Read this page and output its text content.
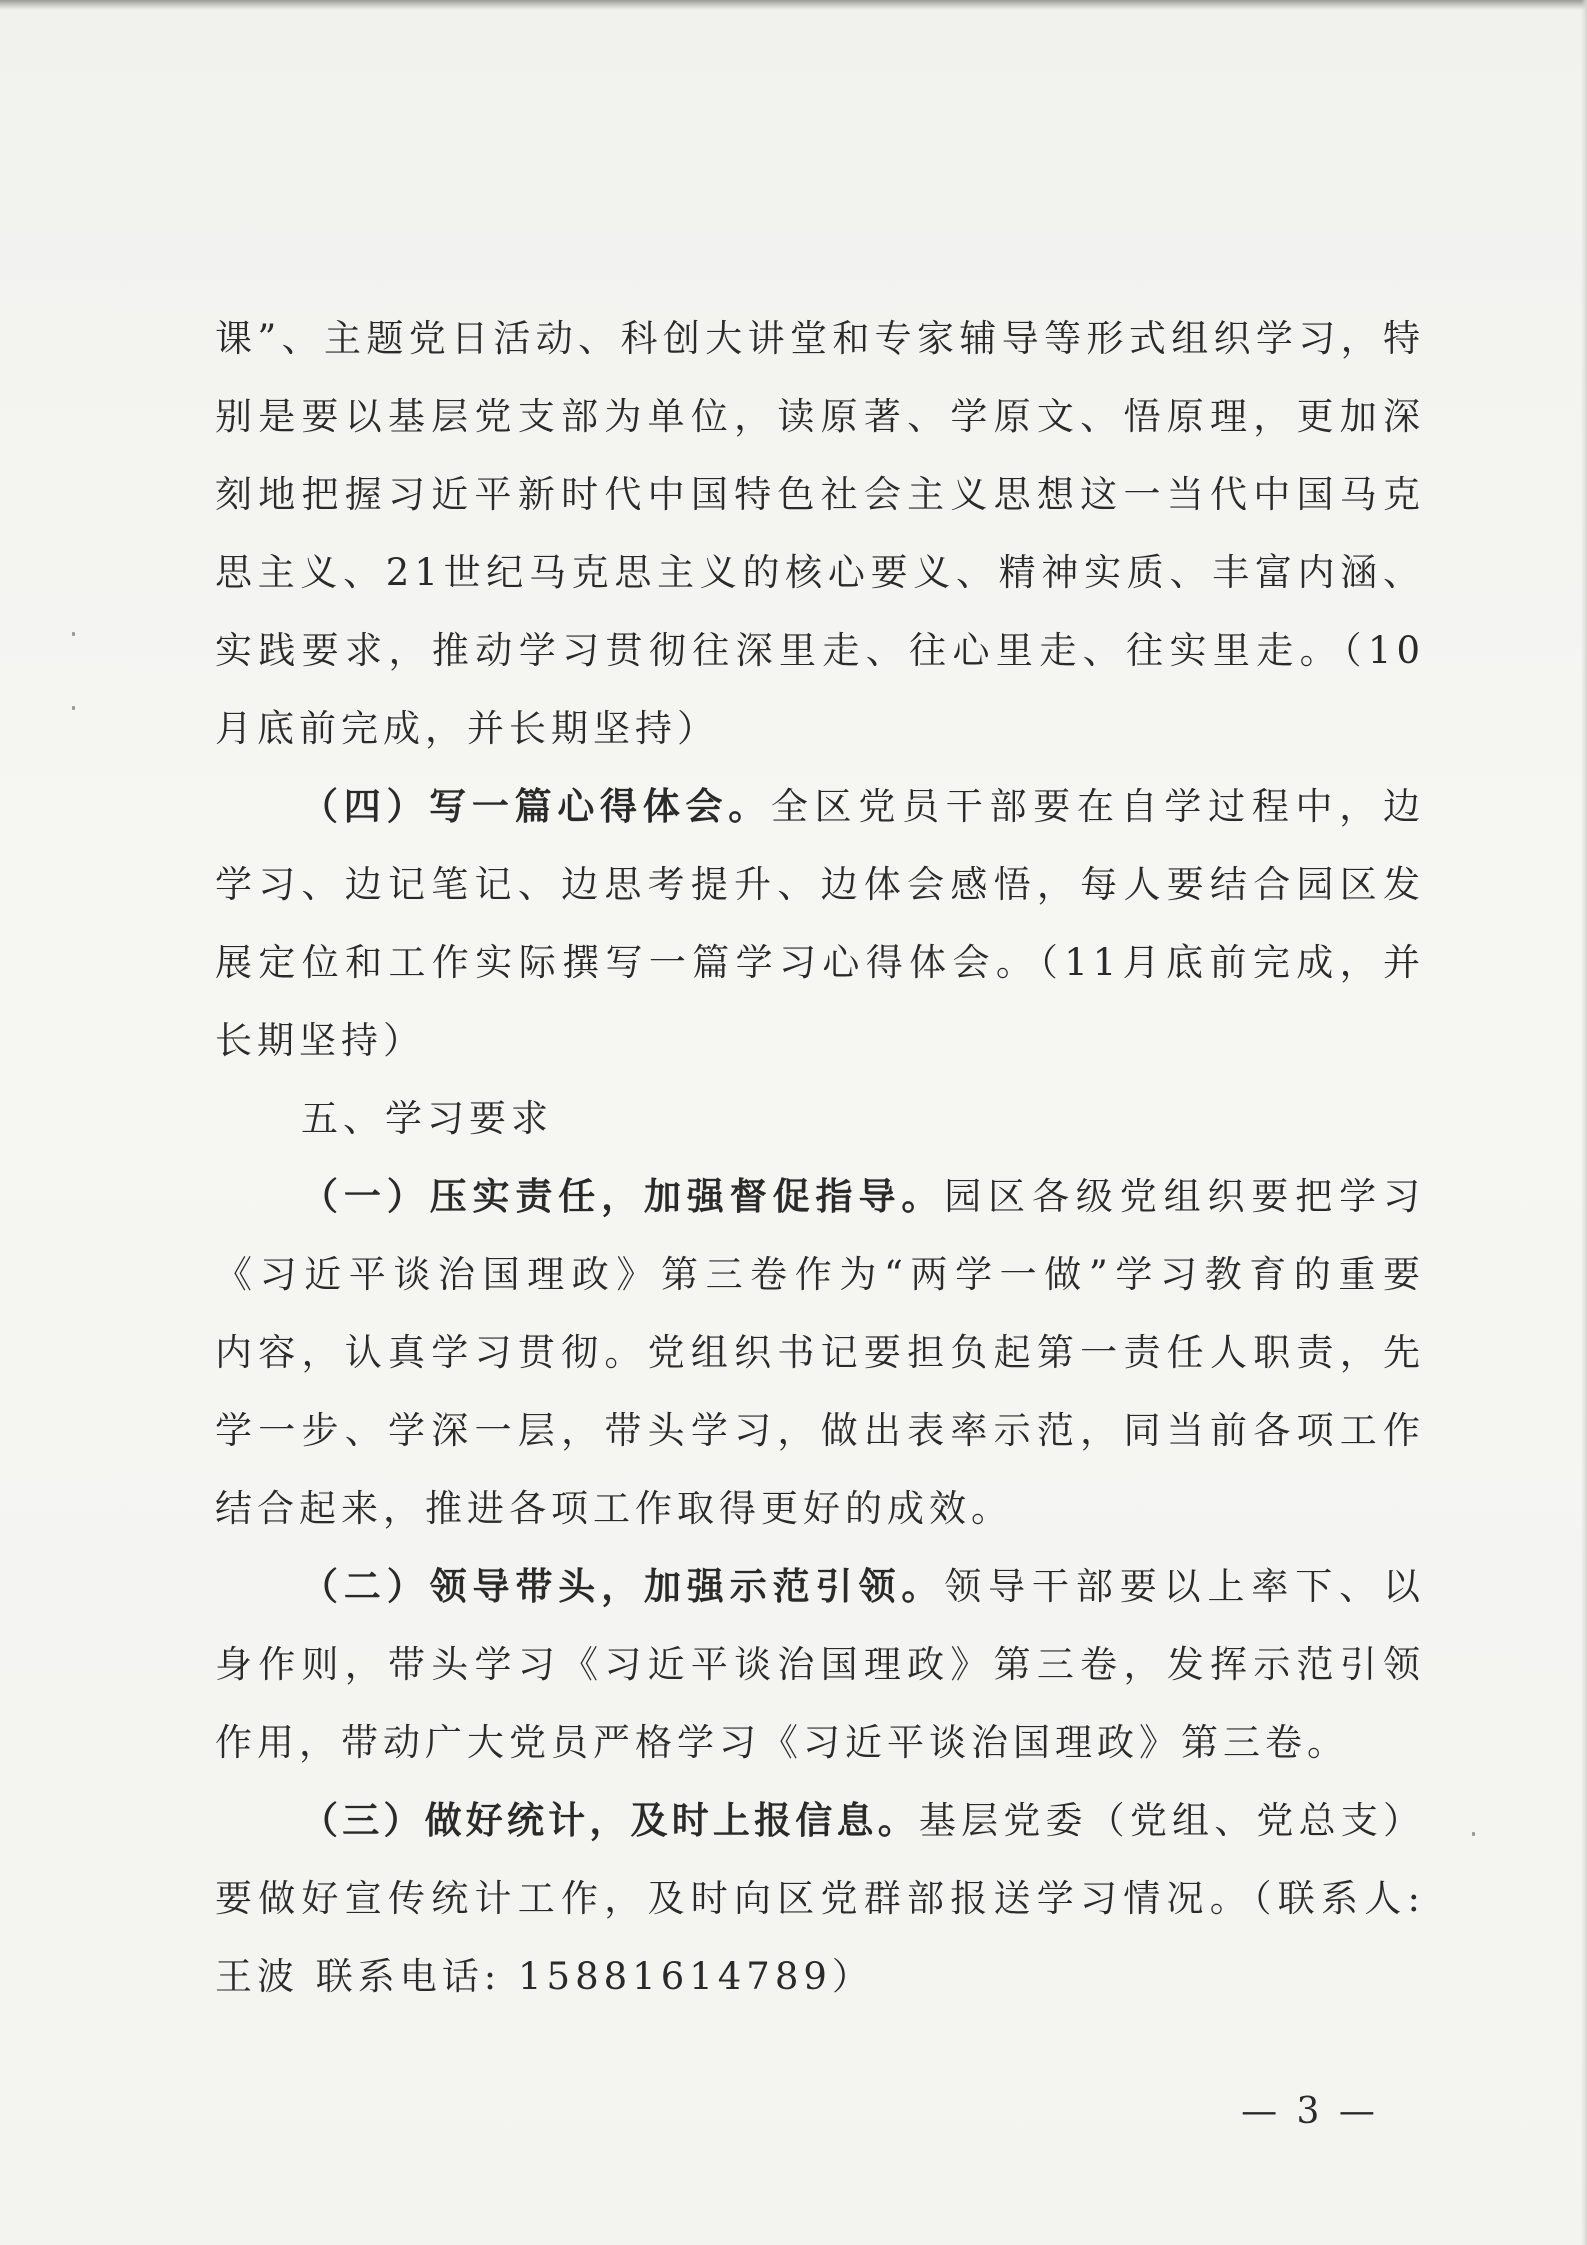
课”、主题党日活动、科创大讲堂和专家辅导等形式组织学习，特
别是要以基层党支部为单位，读原著、学原文、悟原理，更加深
刻地把握习近平新时代中国特色社会主义思想这一当代中国马克
思主义、21世纪马克思主义的核心要义、精神实质、丰富内涵、
实践要求，推动学习贯彻往深里走、往心里走、往实里走。（10
月底前完成，并长期坚持）
（四）写一篇心得体会。全区党员干部要在自学过程中，边
学习、边记笔记、边思考提升、边体会感悟，每人要结合园区发
展定位和工作实际撰写一篇学习心得体会。（11月底前完成，并
长期坚持）
五、学习要求
（一）压实责任，加强督促指导。园区各级党组织要把学习
《习近平谈治国理政》第三卷作为“两学一做”学习教育的重要
内容，认真学习贯彻。党组织书记要担负起第一责任人职责，先
学一步、学深一层，带头学习，做出表率示范，同当前各项工作
结合起来，推进各项工作取得更好的成效。
（二）领导带头，加强示范引领。领导干部要以上率下、以
身作则，带头学习《习近平谈治国理政》第三卷，发挥示范引领
作用，带动广大党员严格学习《习近平谈治国理政》第三卷。
（三）做好统计，及时上报信息。基层党委（党组、党总支）
要做好宣传统计工作，及时向区党群部报送学习情况。（联系人:
王波 联系电话: 15881614789）
— 3 —
